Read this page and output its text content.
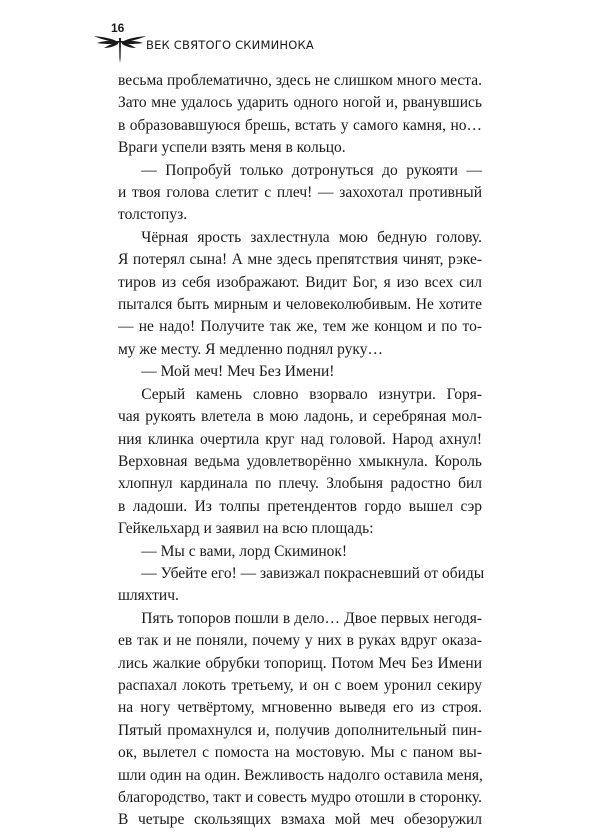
16
ВЕК СВЯТОГО СКИМИНОКА
весьма проблематично, здесь не слишком много места.
Зато мне удалось ударить одного ногой и, рванувшись
в образовавшуюся брешь, встать у самого камня, но…
Враги успели взять меня в кольцо.
— Попробуй только дотронуться до рукояти —
и твоя голова слетит с плеч! — захохотал противный
толстопуз.
Чёрная ярость захлестнула мою бедную голову.
Я потерял сына! А мне здесь препятствия чинят, рэке-
тиров из себя изображают. Видит Бог, я изо всех сил
пытался быть мирным и человеколюбивым. Не хотите
— не надо! Получите так же, тем же концом и по то-
му же месту. Я медленно поднял руку…
— Мой меч! Меч Без Имени!
Серый камень словно взорвало изнутри. Горя-
чая рукоять влетела в мою ладонь, и серебряная мол-
ния клинка очертила круг над головой. Народ ахнул!
Верховная ведьма удовлетворённо хмыкнула. Король
хлопнул кардинала по плечу. Злобыня радостно бил
в ладоши. Из толпы претендентов гордо вышел сэр
Гейкельхард и заявил на всю площадь:
— Мы с вами, лорд Скиминок!
— Убейте его! — завизжал покрасневший от обиды
шляхтич.
Пять топоров пошли в дело… Двое первых негодя-
ев так и не поняли, почему у них в руках вдруг оказа-
лись жалкие обрубки топорищ. Потом Меч Без Имени
распахал локоть третьему, и он с воем уронил секиру
на ногу четвёртому, мгновенно выведя его из строя.
Пятый промахнулся и, получив дополнительный пин-
ок, вылетел с помоста на мостовую. Мы с паном вы-
шли один на один. Вежливость надолго оставила меня,
благородство, такт и совесть мудро отошли в сторонку.
В четыре скользящих взмаха мой меч обезоружил
